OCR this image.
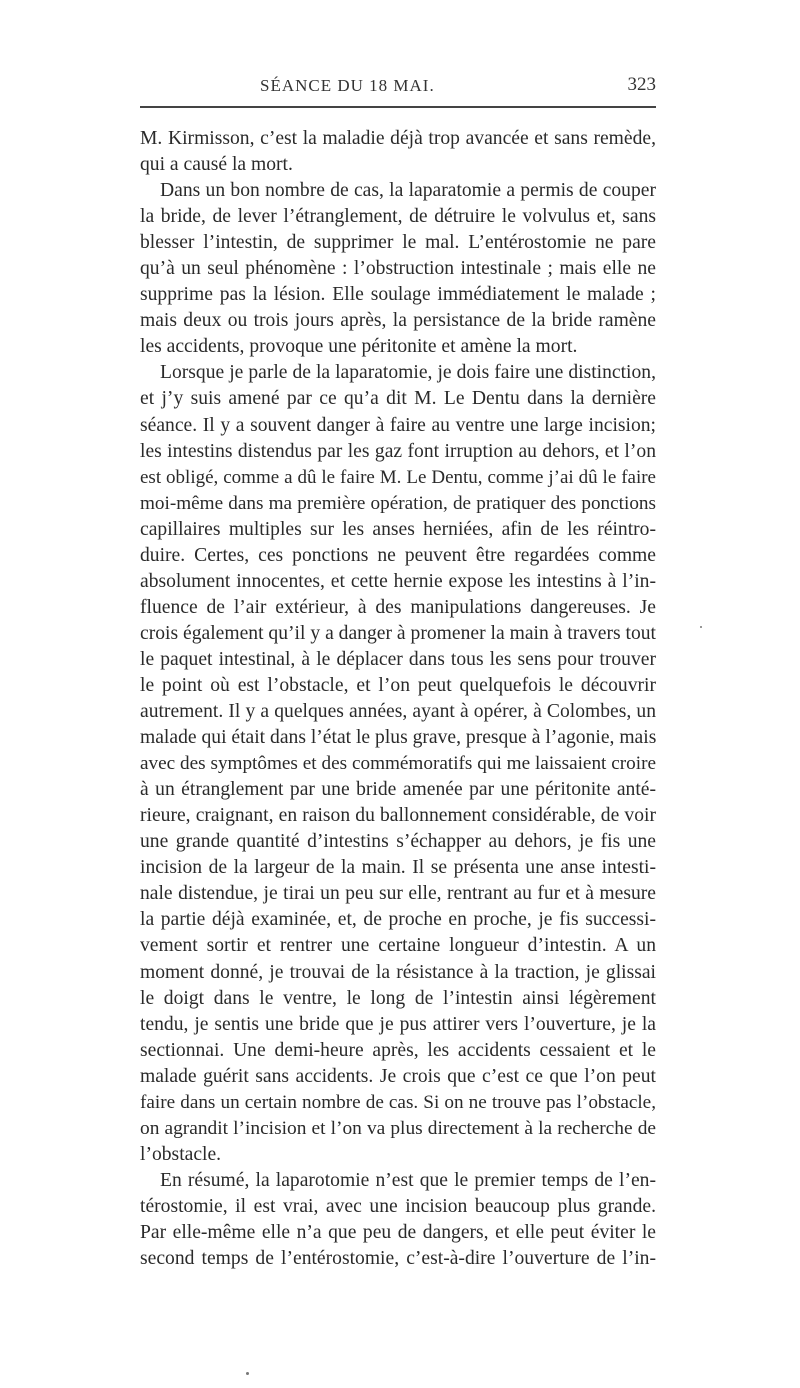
SÉANCE DU 18 MAI.	323
M. Kirmisson, c’est la maladie déjà trop avancée et sans remède,
qui a causé la mort.
Dans un bon nombre de cas, la laparatomie a permis de couper
la bride, de lever l’étranglement, de détruire le volvulus et, sans
blesser l’intestin, de supprimer le mal. L’entérostomie ne pare
qu’à un seul phénomène : l’obstruction intestinale ; mais elle ne
supprime pas la lésion. Elle soulage immédiatement le malade ;
mais deux ou trois jours après, la persistance de la bride ramène
les accidents, provoque une péritonite et amène la mort.
Lorsque je parle de la laparatomie, je dois faire une distinction,
et j’y suis amené par ce qu’a dit M. Le Dentu dans la dernière
séance. Il y a souvent danger à faire au ventre une large incision;
les intestins distendus par les gaz font irruption au dehors, et l’on
est obligé, comme a dû le faire M. Le Dentu, comme j’ai dû le faire
moi-même dans ma première opération, de pratiquer des ponctions
capillaires multiples sur les anses herniées, afin de les réintro-
duire. Certes, ces ponctions ne peuvent être regardées comme
absolument innocentes, et cette hernie expose les intestins à l’in-
fluence de l’air extérieur, à des manipulations dangereuses. Je
crois également qu’il y a danger à promener la main à travers tout
le paquet intestinal, à le déplacer dans tous les sens pour trouver
le point où est l’obstacle, et l’on peut quelquefois le découvrir
autrement. Il y a quelques années, ayant à opérer, à Colombes, un
malade qui était dans l’état le plus grave, presque à l’agonie, mais
avec des symptômes et des commémoratifs qui me laissaient croire
à un étranglement par une bride amenée par une péritonite anté-
rieure, craignant, en raison du ballonnement considérable, de voir
une grande quantité d’intestins s’échapper au dehors, je fis une
incision de la largeur de la main. Il se présenta une anse intesti-
nale distendue, je tirai un peu sur elle, rentrant au fur et à mesure
la partie déjà examinée, et, de proche en proche, je fis successi-
vement sortir et rentrer une certaine longueur d’intestin. A un
moment donné, je trouvai de la résistance à la traction, je glissai
le doigt dans le ventre, le long de l’intestin ainsi légèrement
tendu, je sentis une bride que je pus attirer vers l’ouverture, je la
sectionnai. Une demi-heure après, les accidents cessaient et le
malade guérit sans accidents. Je crois que c’est ce que l’on peut
faire dans un certain nombre de cas. Si on ne trouve pas l’obstacle,
on agrandit l’incision et l’on va plus directement à la recherche de
l’obstacle.
En résumé, la laparotomie n’est que le premier temps de l’en-
térostomie, il est vrai, avec une incision beaucoup plus grande.
Par elle-même elle n’a que peu de dangers, et elle peut éviter le
second temps de l’entérostomie, c’est-à-dire l’ouverture de l’in-
